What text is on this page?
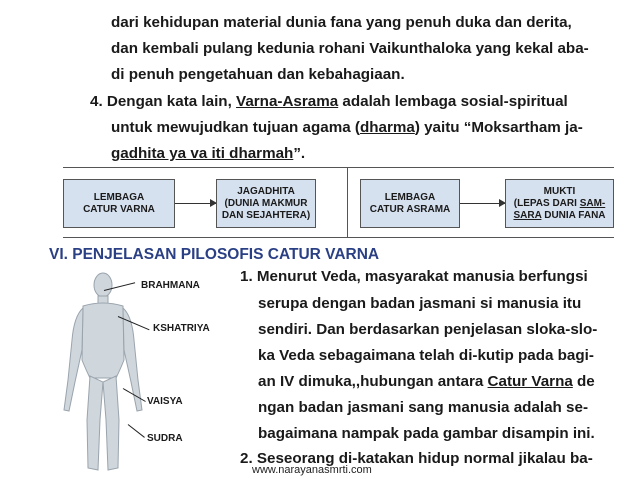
dari kehidupan material dunia fana yang penuh duka dan derita,
dan kembali pulang kedunia rohani Vaikunthaloka yang kekal aba-
di penuh pengetahuan dan kebahagiaan.
4. Dengan kata lain, Varna-Asrama adalah lembaga sosial-spiritual
untuk mewujudkan tujuan agama (dharma) yaitu “Moksartham ja-
gadhita ya va iti dharmah”.
LEMBAGA
CATUR VARNA
JAGADHITA
(DUNIA MAKMUR
DAN SEJAHTERA)
LEMBAGA
CATUR ASRAMA
MUKTI
(LEPAS DARI SAM-
SARA DUNIA FANA
VI. PENJELASAN PILOSOFIS CATUR VARNA
BRAHMANA
KSHATRIYA
VAISYA
SUDRA
1. Menurut Veda, masyarakat manusia berfungsi
serupa dengan badan jasmani si manusia itu
sendiri. Dan berdasarkan penjelasan sloka-slo-
ka Veda sebagaimana telah di-kutip pada bagi-
an IV dimuka,,hubungan antara Catur Varna de
ngan badan jasmani sang manusia adalah se-
bagaimana nampak pada gambar disampin ini.
2. Seseorang di-katakan hidup normal jikalau ba-
www.narayanasmrti.com
